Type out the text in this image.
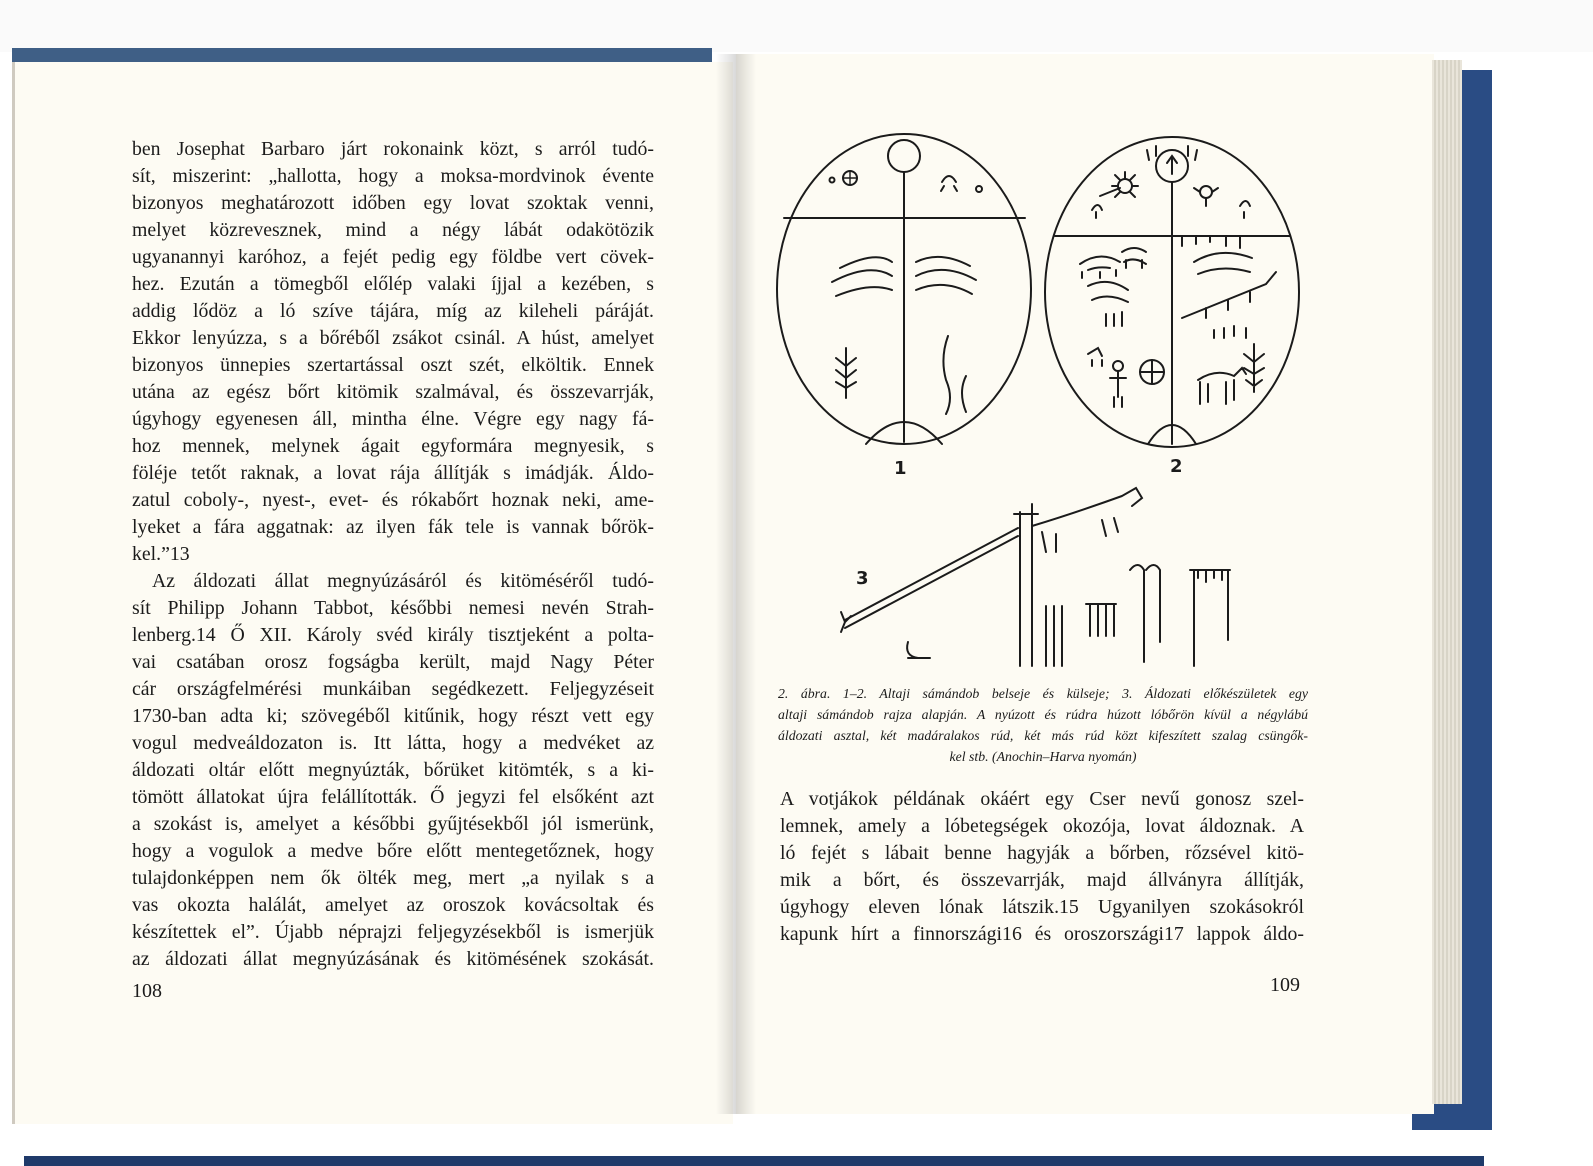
ben Josephat Barbaro járt rokonaink közt, s arról tudó-
sít, miszerint: „hallotta, hogy a moksa-mordvinok évente
bizonyos meghatározott időben egy lovat szoktak venni,
melyet közrevesznek, mind a négy lábát odakötözik
ugyanannyi karóhoz, a fejét pedig egy földbe vert cövek-
hez. Ezután a tömegből előlép valaki íjjal a kezében, s
addig lődöz a ló szíve tájára, míg az kileheli páráját.
Ekkor lenyúzza, s a bőréből zsákot csinál. A húst, amelyet
bizonyos ünnepies szertartással oszt szét, elköltik. Ennek
utána az egész bőrt kitömik szalmával, és összevarrják,
úgyhogy egyenesen áll, mintha élne. Végre egy nagy fá-
hoz mennek, melynek ágait egyformára megnyesik, s
föléje tetőt raknak, a lovat rája állítják s imádják. Áldo-
zatul coboly-, nyest-, evet- és rókabőrt hoznak neki, ame-
lyeket a fára aggatnak: az ilyen fák tele is vannak bőrök-
kel.”13
Az áldozati állat megnyúzásáról és kitöméséről tudó-
sít Philipp Johann Tabbot, későbbi nemesi nevén Strah-
lenberg.14 Ő XII. Károly svéd király tisztjeként a polta-
vai csatában orosz fogságba került, majd Nagy Péter
cár országfelmérési munkáiban segédkezett. Feljegyzéseit
1730-ban adta ki; szövegéből kitűnik, hogy részt vett egy
vogul medveáldozaton is. Itt látta, hogy a medvéket az
áldozati oltár előtt megnyúzták, bőrüket kitömték, s a ki-
tömött állatokat újra felállították. Ő jegyzi fel elsőként azt
a szokást is, amelyet a későbbi gyűjtésekből jól ismerünk,
hogy a vogulok a medve bőre előtt mentegetőznek, hogy
tulajdonképpen nem ők ölték meg, mert „a nyilak s a
vas okozta halálát, amelyet az oroszok kovácsoltak és
készítettek el”. Újabb néprajzi feljegyzésekből is ismerjük
az áldozati állat megnyúzásának és kitömésének szokását.
108
1	2
3
2. ábra. 1–2. Altaji sámándob belseje és külseje; 3. Áldozati előkészületek egy
altaji sámándob rajza alapján. A nyúzott és rúdra húzott lóbőrön kívül a négylábú
áldozati asztal, két madáralakos rúd, két más rúd közt kifeszített szalag csüngők-
kel stb. (Anochin–Harva nyomán)
A votjákok példának okáért egy Cser nevű gonosz szel-
lemnek, amely a lóbetegségek okozója, lovat áldoznak. A
ló fejét s lábait benne hagyják a bőrben, rőzsével kitö-
mik a bőrt, és összevarrják, majd állványra állítják,
úgyhogy eleven lónak látszik.15 Ugyanilyen szokásokról
kapunk hírt a finnországi16 és oroszországi17 lappok áldo-
109
